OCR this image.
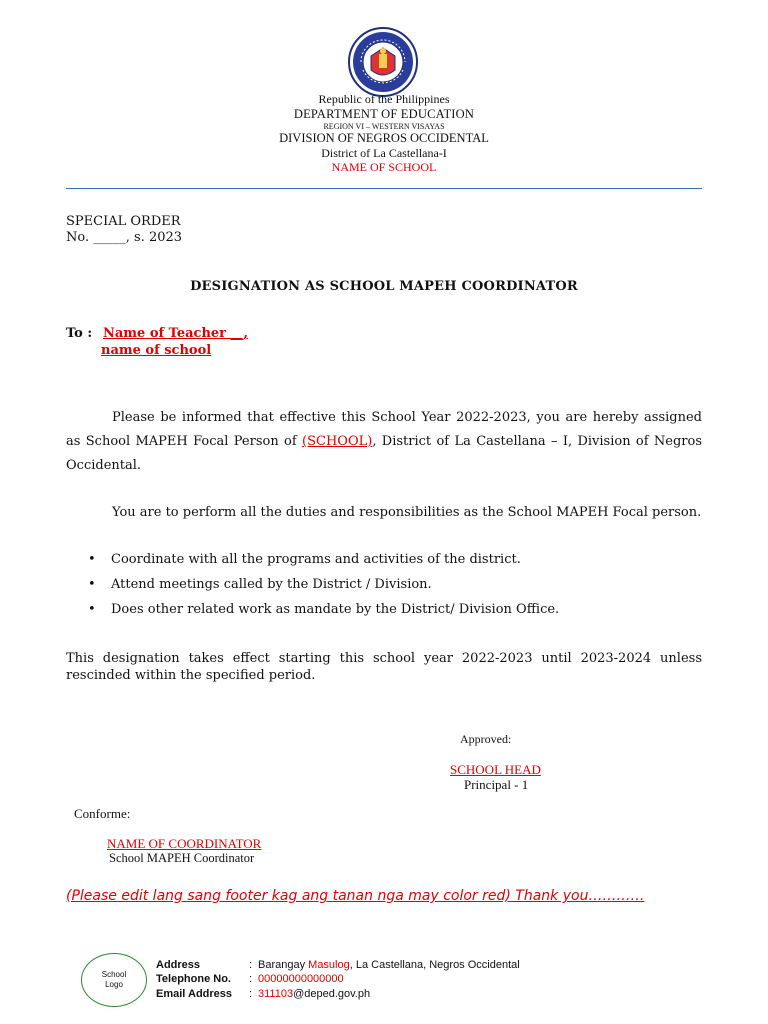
Republic of the Philippines
DEPARTMENT OF EDUCATION
REGION VI – WESTERN VISAYAS
DIVISION OF NEGROS OCCIDENTAL
District of La Castellana-I
NAME OF SCHOOL
SPECIAL ORDER
No. _____, s. 2023
DESIGNATION AS SCHOOL MAPEH COORDINATOR
To : Name of Teacher __,
name of school
Please be informed that effective this School Year 2022-2023, you are hereby assigned as School MAPEH Focal Person of (SCHOOL), District of La Castellana – I, Division of Negros Occidental.
You are to perform all the duties and responsibilities as the School MAPEH Focal person.
• Coordinate with all the programs and activities of the district.
• Attend meetings called by the District / Division.
• Does other related work as mandate by the District/ Division Office.
This designation takes effect starting this school year 2022-2023 until 2023-2024 unless rescinded within the specified period.
Approved:
SCHOOL HEAD
Principal - 1
Conforme:
NAME OF COORDINATOR
School MAPEH Coordinator
(Please edit lang sang footer kag ang tanan nga may color red) Thank you…………
School
Logo
Address	: Barangay Masulog, La Castellana, Negros Occidental
Telephone No. : 00000000000000
Email Address : 311103@deped.gov.ph
